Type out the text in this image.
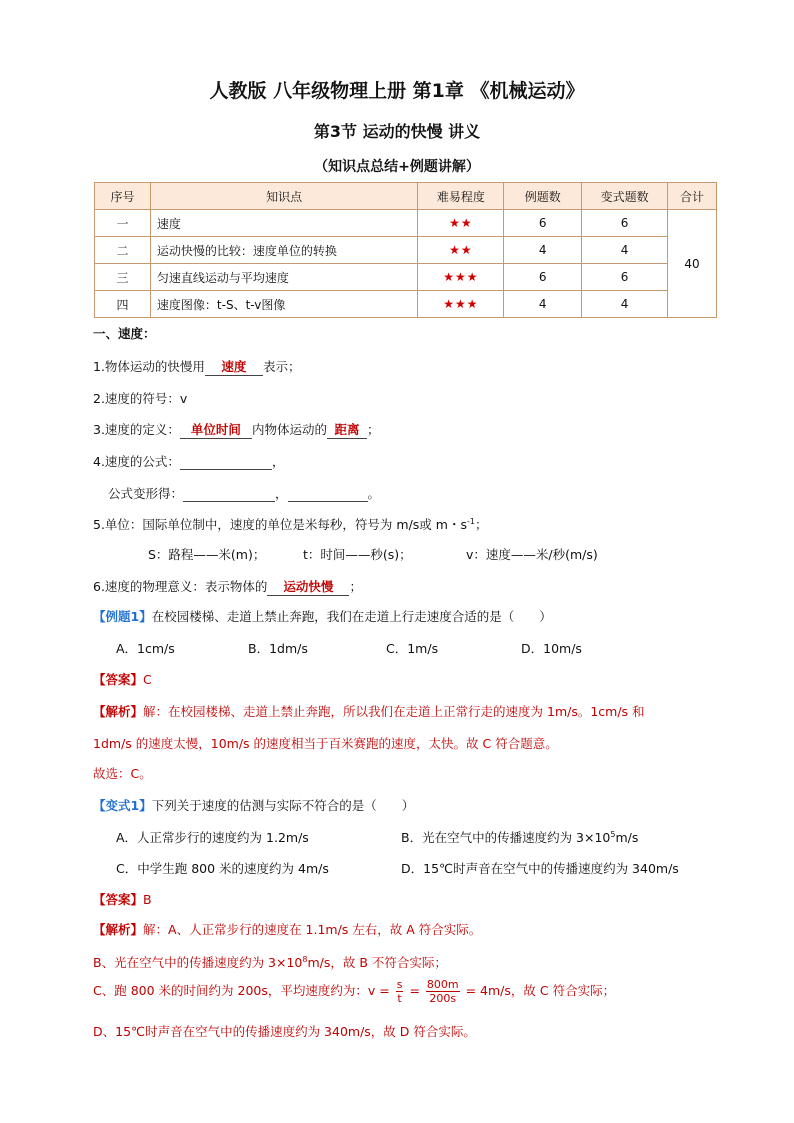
人教版 八年级物理上册 第1章 《机械运动》
第3节 运动的快慢 讲义
（知识点总结+例题讲解）
序号	知识点	难易程度	例题数	变式题数	合计
一	速度	★★	6	6	40
二	运动快慢的比较：速度单位的转换	★★	4	4	
三	匀速直线运动与平均速度	★★★	6	6	
四	速度图像：t-S、t-v图像	★★★	4	4	
一、速度：
1.物体运动的快慢用 速度 表示；
2.速度的符号：v
3.速度的定义： 单位时间 内物体运动的 距离 ；
4.速度的公式：	，
公式变形得：	，	。
5.单位：国际单位制中，速度的单位是米每秒，符号为 m/s或 m・$s^{-1}$；
S：路程——米(m)；	t：时间——秒(s)；	v：速度——米/秒(m/s)
6.速度的物理意义：表示物体的 运动快慢 ；
【例题1】在校园楼梯、走道上禁止奔跑，我们在走道上行走速度合适的是（　　）
A．1cm/s	B．1dm/s	C．1m/s	D．10m/s
【答案】C
【解析】解：在校园楼梯、走道上禁止奔跑，所以我们在走道上正常行走的速度为 1m/s。1cm/s 和
1dm/s 的速度太慢，10m/s 的速度相当于百米赛跑的速度，太快。故 C 符合题意。
故选：C。
【变式1】下列关于速度的估测与实际不符合的是（　　）
A．人正常步行的速度约为 1.2m/s	B．光在空气中的传播速度约为 $3\times 10^5m/s$
C．中学生跑 800 米的速度约为 4m/s	D．15℃时声音在空气中的传播速度约为 340m/s
【答案】B
【解析】解：A、人正常步行的速度在 1.1m/s 左右，故 A 符合实际。
B、光在空气中的传播速度约为 $3\times 10^8m/s$，故 B 不符合实际；
C、跑 800 米的时间约为 200s，平均速度约为：$v = \frac{s}{t} = \frac{800m}{200s} = 4m/s$，故 C 符合实际；
D、15℃时声音在空气中的传播速度约为 340m/s，故 D 符合实际。
